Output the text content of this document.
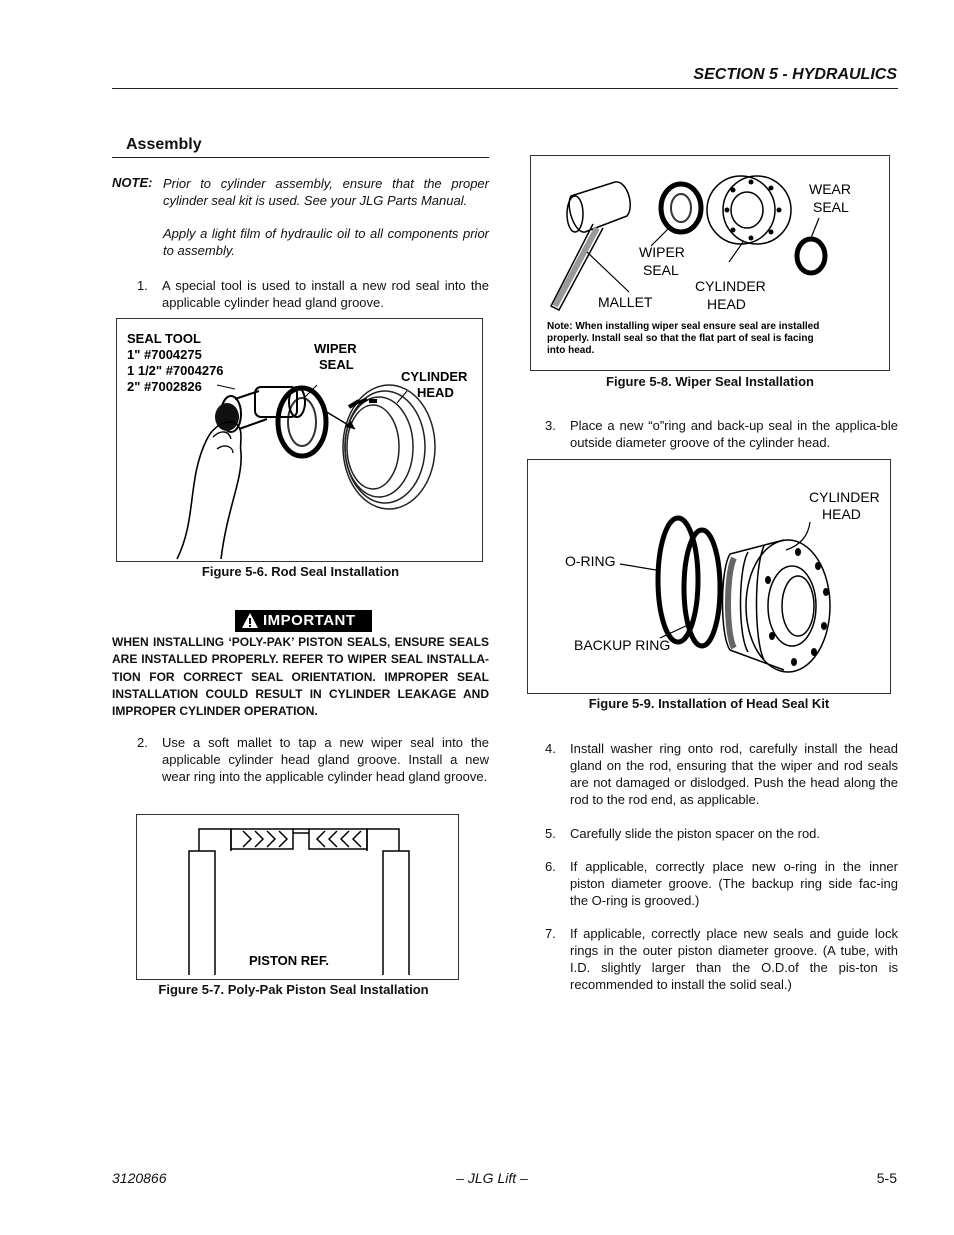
SECTION 5 - HYDRAULICS
Assembly
NOTE: Prior to cylinder assembly, ensure that the proper cylinder seal kit is used. See your JLG Parts Manual.
Apply a light film of hydraulic oil to all components prior to assembly.
1. A special tool is used to install a new rod seal into the applicable cylinder head gland groove.
SEAL TOOL
1" #7004275
1 1/2" #7004276
2" #7002826
WIPER
SEAL
CYLINDER
HEAD
Figure 5-6. Rod Seal Installation
IMPORTANT
WHEN INSTALLING ‘POLY-PAK’ PISTON SEALS, ENSURE SEALS ARE INSTALLED PROPERLY. REFER TO WIPER SEAL INSTALLA-TION FOR CORRECT SEAL ORIENTATION. IMPROPER SEAL INSTALLATION COULD RESULT IN CYLINDER LEAKAGE AND IMPROPER CYLINDER OPERATION.
2. Use a soft mallet to tap a new wiper seal into the applicable cylinder head gland groove. Install a new wear ring into the applicable cylinder head gland groove.
PISTON REF.
Figure 5-7. Poly-Pak Piston Seal Installation
WEAR
SEAL
WIPER
SEAL
CYLINDER
HEAD
MALLET
Note: When installing wiper seal ensure seal are installed
properly. Install seal so that the flat part of seal is facing
into head.
Figure 5-8. Wiper Seal Installation
3. Place a new “o”ring and back-up seal in the applica-ble outside diameter groove of the cylinder head.
CYLINDER
HEAD
O-RING
BACKUP RING
Figure 5-9. Installation of Head Seal Kit
4. Install washer ring onto rod, carefully install the head gland on the rod, ensuring that the wiper and rod seals are not damaged or dislodged. Push the head along the rod to the rod end, as applicable.
5. Carefully slide the piston spacer on the rod.
6. If applicable, correctly place new o-ring in the inner piston diameter groove. (The backup ring side fac-ing the O-ring is grooved.)
7. If applicable, correctly place new seals and guide lock rings in the outer piston diameter groove. (A tube, with I.D. slightly larger than the O.D.of the pis-ton is recommended to install the solid seal.)
3120866	– JLG Lift –	5-5
